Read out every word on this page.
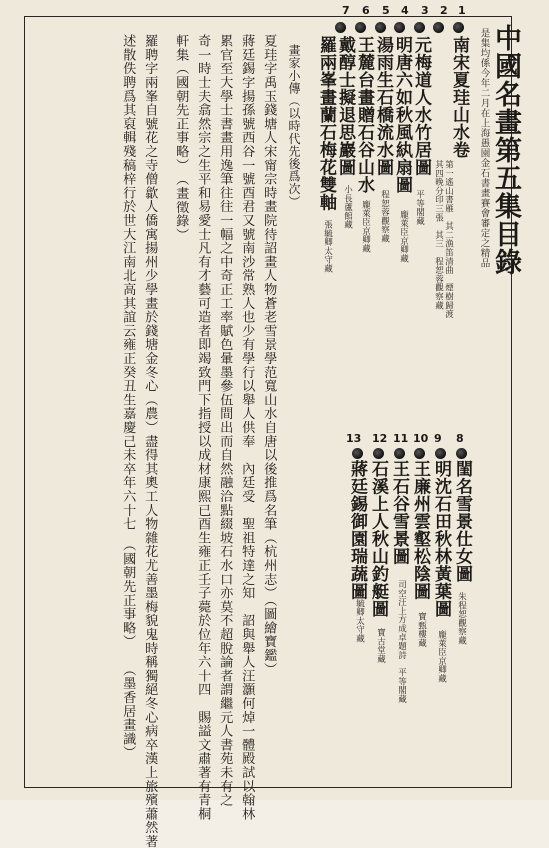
中國名畫第五集目錄
是集均係今年二月在上海愚園金石書畫賽會審定之精品
1
2
3
4
5
6
7
南宋夏珪山水卷
第一遙山書雁　其二漁笛清曲　煙樹歸渡
其四晚分印三張　其三　程恕蓉觀察藏
元梅道人水竹居圖
平等閣藏
明唐六如秋風紈扇圖
龐萊臣京卿藏
湯雨生石橋流水圖
程恕蓉觀察藏
王麓台畫贈石谷山水
龐萊臣京卿藏
戴醇士擬退思巖圖
小長蘆館藏
羅兩峯畫蘭石梅花雙軸
張毓卿太守藏
8
閨名雪景仕女圖
朱程恕觀察藏
9
明沈石田秋林黃葉圖
龐萊臣京卿藏
10
王廉州雲壑松陰圖
寶甄樓藏
11
王石谷雪景圖
司空汪上方成卓題詩　平等閣藏
12
石溪上人秋山釣艇圖
寶古堂藏
13
蔣廷錫御園瑞蔬圖
張毓卿太守藏
畫家小傳（以時代先後爲次）
夏珪字禹玉錢塘人宋甯宗時畫院待詔畫人物蒼老雪景學范寬山水自唐以後推爲名筆（杭州志）（圖繪寶鑑）
蔣廷錫字揚孫號西谷一號酉君又號南沙常熟人也少有學行以舉人供奉　內廷受　聖祖特達之知　詔與舉人汪灝何焯一體殿試以翰林
累官至大學士書畫用逸筆往往一幅之中奇正工率賦色暈墨參伍間出而自然融洽點綴坡石水口亦莫不超脫論者謂繼元人書苑未有之
奇一時士夫翕然宗之生平和易愛士凡有才藝可造者即竭致門下指授以成材康熙已酉生雍正壬子薨於位年六十四　賜謚文肅著有青桐
軒集（國朝先正事略）　（畫徵錄）
羅聘字兩峯自號花之寺僧歙人僑寓揚州少學畫於錢塘金冬心（農）盡得其奧工人物雜花尤善墨梅貌鬼時稱獨絕冬心病卒漢上旅殯蕭然著
述散佚聘爲其裒輯殘稿梓行於世大江南北高其誼云雍正癸丑生嘉慶己未卒年六十七　（國朝先正事略）　　（墨香居畫識）
